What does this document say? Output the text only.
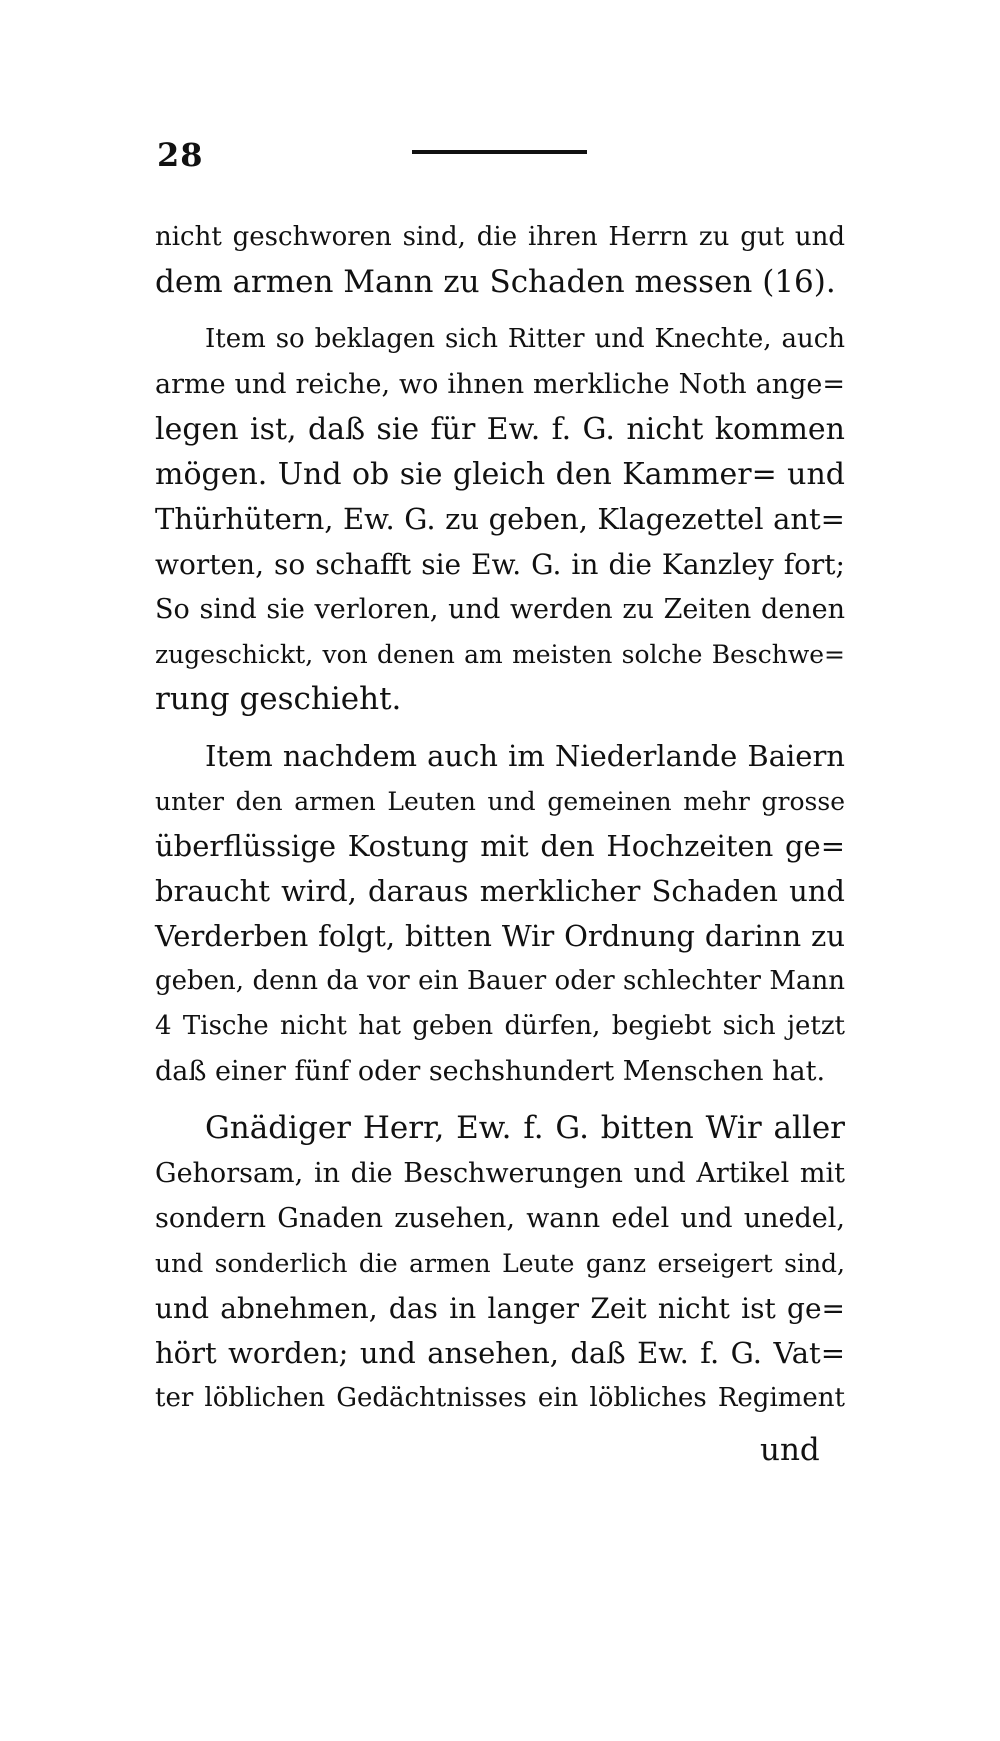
28
nicht geschworen sind, die ihren Herrn zu gut und
dem armen Mann zu Schaden messen (16).
Item so beklagen sich Ritter und Knechte, auch
arme und reiche, wo ihnen merkliche Noth ange=
legen ist, daß sie für Ew. f. G. nicht kommen
mögen. Und ob sie gleich den Kammer= und
Thürhütern, Ew. G. zu geben, Klagezettel ant=
worten, so schafft sie Ew. G. in die Kanzley fort;
So sind sie verloren, und werden zu Zeiten denen
zugeschickt, von denen am meisten solche Beschwe=
rung geschieht.
Item nachdem auch im Niederlande Baiern
unter den armen Leuten und gemeinen mehr grosse
überflüssige Kostung mit den Hochzeiten ge=
braucht wird, daraus merklicher Schaden und
Verderben folgt, bitten Wir Ordnung darinn zu
geben, denn da vor ein Bauer oder schlechter Mann
4 Tische nicht hat geben dürfen, begiebt sich jetzt
daß einer fünf oder sechshundert Menschen hat.
Gnädiger Herr, Ew. f. G. bitten Wir aller
Gehorsam, in die Beschwerungen und Artikel mit
sondern Gnaden zusehen, wann edel und unedel,
und sonderlich die armen Leute ganz erseigert sind,
und abnehmen, das in langer Zeit nicht ist ge=
hört worden; und ansehen, daß Ew. f. G. Vat=
ter löblichen Gedächtnisses ein löbliches Regiment
und
